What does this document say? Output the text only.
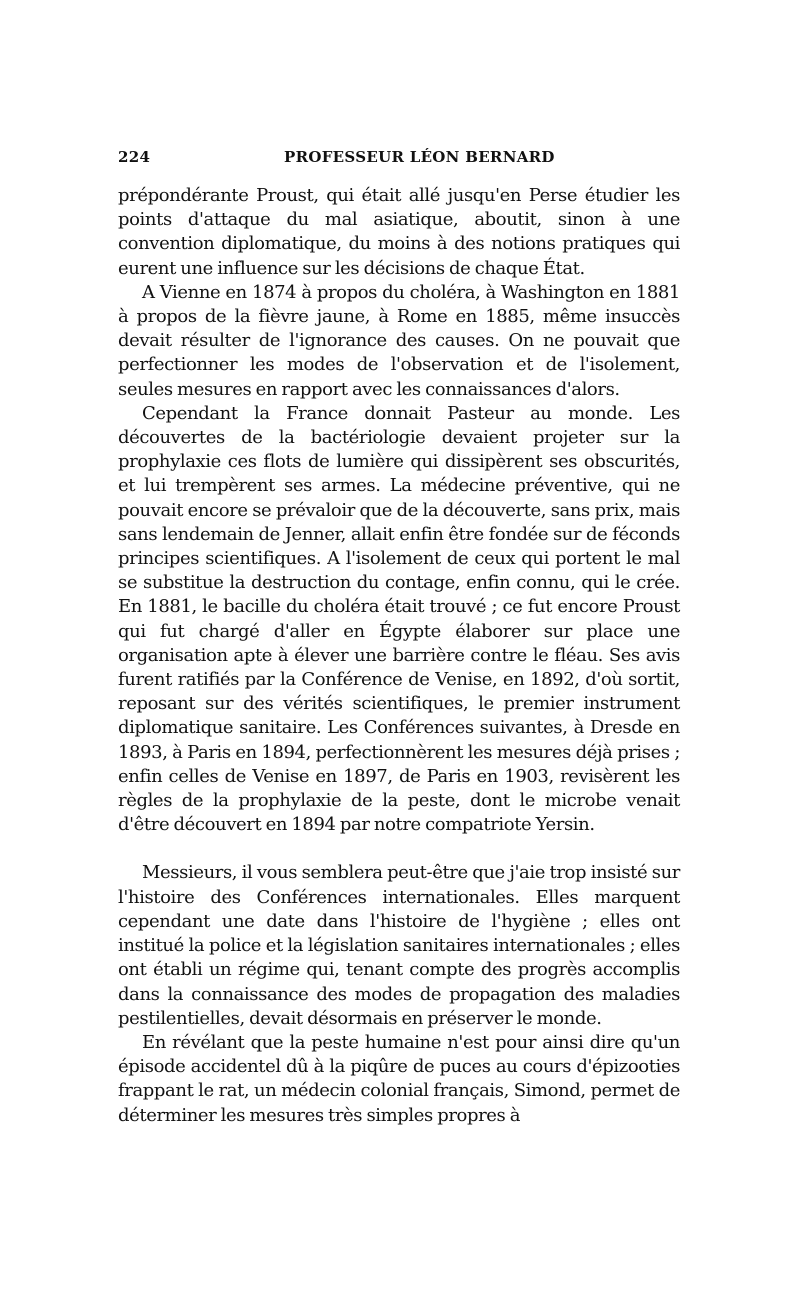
224	PROFESSEUR LÉON BERNARD

prépondérante Proust, qui était allé jusqu'en Perse étudier les points d'attaque du mal asiatique, aboutit, sinon à une convention diplomatique, du moins à des notions pratiques qui eurent une influence sur les décisions de chaque État.

A Vienne en 1874 à propos du choléra, à Washington en 1881 à propos de la fièvre jaune, à Rome en 1885, même insuccès devait résulter de l'ignorance des causes. On ne pouvait que perfectionner les modes de l'observation et de l'isolement, seules mesures en rapport avec les connaissances d'alors.

Cependant la France donnait Pasteur au monde. Les découvertes de la bactériologie devaient projeter sur la prophylaxie ces flots de lumière qui dissipèrent ses obscurités, et lui trempèrent ses armes. La médecine préventive, qui ne pouvait encore se prévaloir que de la découverte, sans prix, mais sans lendemain de Jenner, allait enfin être fondée sur de féconds principes scientifiques. A l'isolement de ceux qui portent le mal se substitue la destruction du contage, enfin connu, qui le crée. En 1881, le bacille du choléra était trouvé ; ce fut encore Proust qui fut chargé d'aller en Égypte élaborer sur place une organisation apte à élever une barrière contre le fléau. Ses avis furent ratifiés par la Conférence de Venise, en 1892, d'où sortit, reposant sur des vérités scientifiques, le premier instrument diplomatique sanitaire. Les Conférences suivantes, à Dresde en 1893, à Paris en 1894, perfectionnèrent les mesures déjà prises ; enfin celles de Venise en 1897, de Paris en 1903, revisèrent les règles de la prophylaxie de la peste, dont le microbe venait d'être découvert en 1894 par notre compatriote Yersin.

Messieurs, il vous semblera peut-être que j'aie trop insisté sur l'histoire des Conférences internationales. Elles marquent cependant une date dans l'histoire de l'hygiène ; elles ont institué la police et la législation sanitaires internationales ; elles ont établi un régime qui, tenant compte des progrès accomplis dans la connaissance des modes de propagation des maladies pestilentielles, devait désormais en préserver le monde.

En révélant que la peste humaine n'est pour ainsi dire qu'un épisode accidentel dû à la piqûre de puces au cours d'épizooties frappant le rat, un médecin colonial français, Simond, permet de déterminer les mesures très simples propres à
